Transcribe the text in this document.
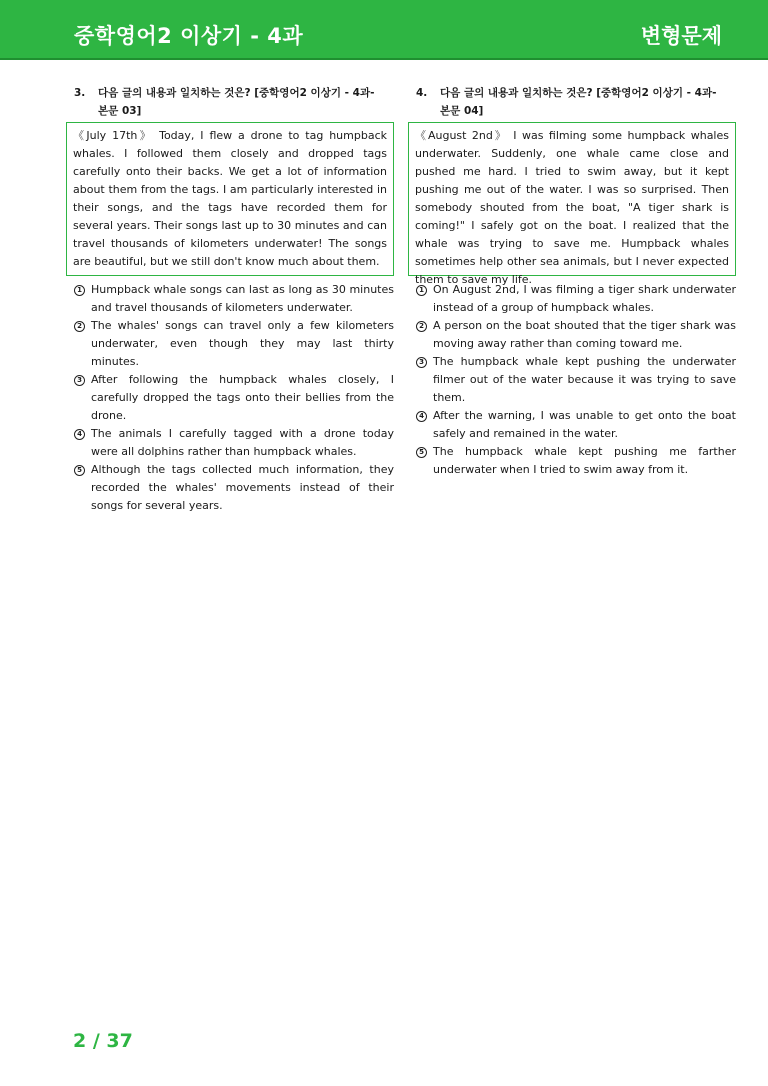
중학영어2 이상기 - 4과	변형문제
3. 다음 글의 내용과 일치하는 것은? [중학영어2 이상기 - 4과-
본문 03]
《July 17th》 Today, I flew a drone to tag humpback whales. I followed them closely and dropped tags carefully onto their backs. We get a lot of information about them from the tags. I am particularly interested in their songs, and the tags have recorded them for several years. Their songs last up to 30 minutes and can travel thousands of kilometers underwater! The songs are beautiful, but we still don't know much about them.
1 Humpback whale songs can last as long as 30 minutes and travel thousands of kilometers underwater.
2 The whales' songs can travel only a few kilometers underwater, even though they may last thirty minutes.
3 After following the humpback whales closely, I carefully dropped the tags onto their bellies from the drone.
4 The animals I carefully tagged with a drone today were all dolphins rather than humpback whales.
5 Although the tags collected much information, they recorded the whales' movements instead of their songs for several years.
4. 다음 글의 내용과 일치하는 것은? [중학영어2 이상기 - 4과-
본문 04]
《August 2nd》 I was filming some humpback whales underwater. Suddenly, one whale came close and pushed me hard. I tried to swim away, but it kept pushing me out of the water. I was so surprised. Then somebody shouted from the boat, "A tiger shark is coming!" I safely got on the boat. I realized that the whale was trying to save me. Humpback whales sometimes help other sea animals, but I never expected them to save my life.
1 On August 2nd, I was filming a tiger shark underwater instead of a group of humpback whales.
2 A person on the boat shouted that the tiger shark was moving away rather than coming toward me.
3 The humpback whale kept pushing the underwater filmer out of the water because it was trying to save them.
4 After the warning, I was unable to get onto the boat safely and remained in the water.
5 The humpback whale kept pushing me farther underwater when I tried to swim away from it.
2 / 37
